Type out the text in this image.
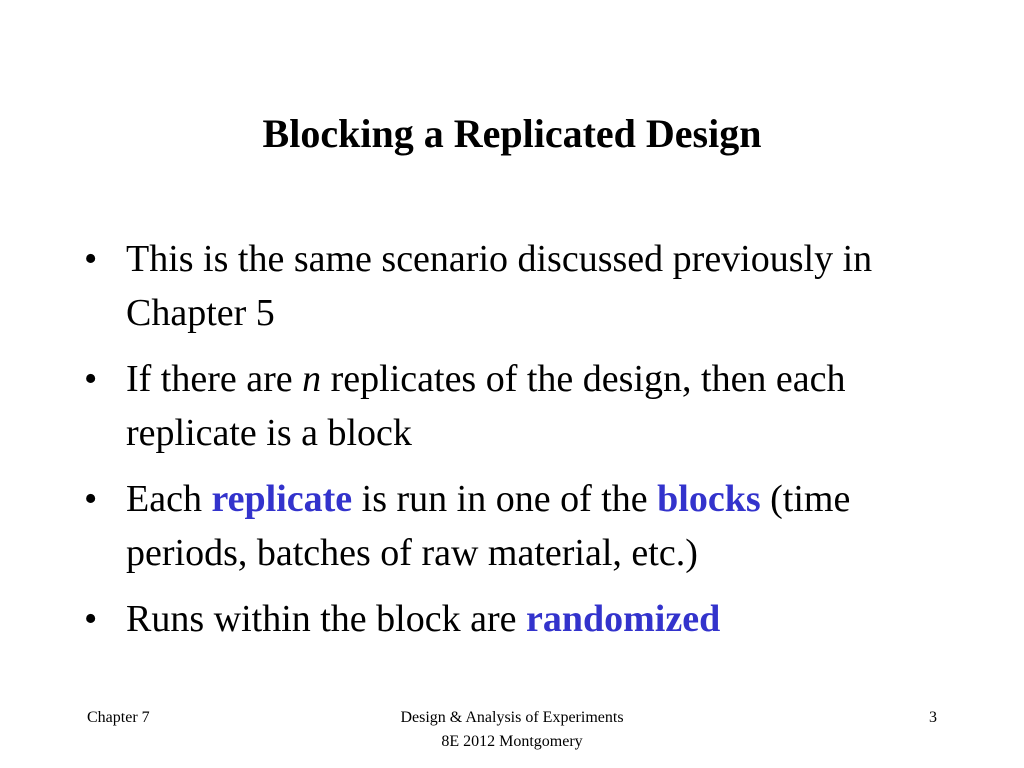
Blocking a Replicated Design
• This is the same scenario discussed previously in Chapter 5
• If there are n replicates of the design, then each replicate is a block
• Each replicate is run in one of the blocks (time periods, batches of raw material, etc.)
• Runs within the block are randomized
Chapter 7	Design & Analysis of Experiments
8E 2012 Montgomery
3
